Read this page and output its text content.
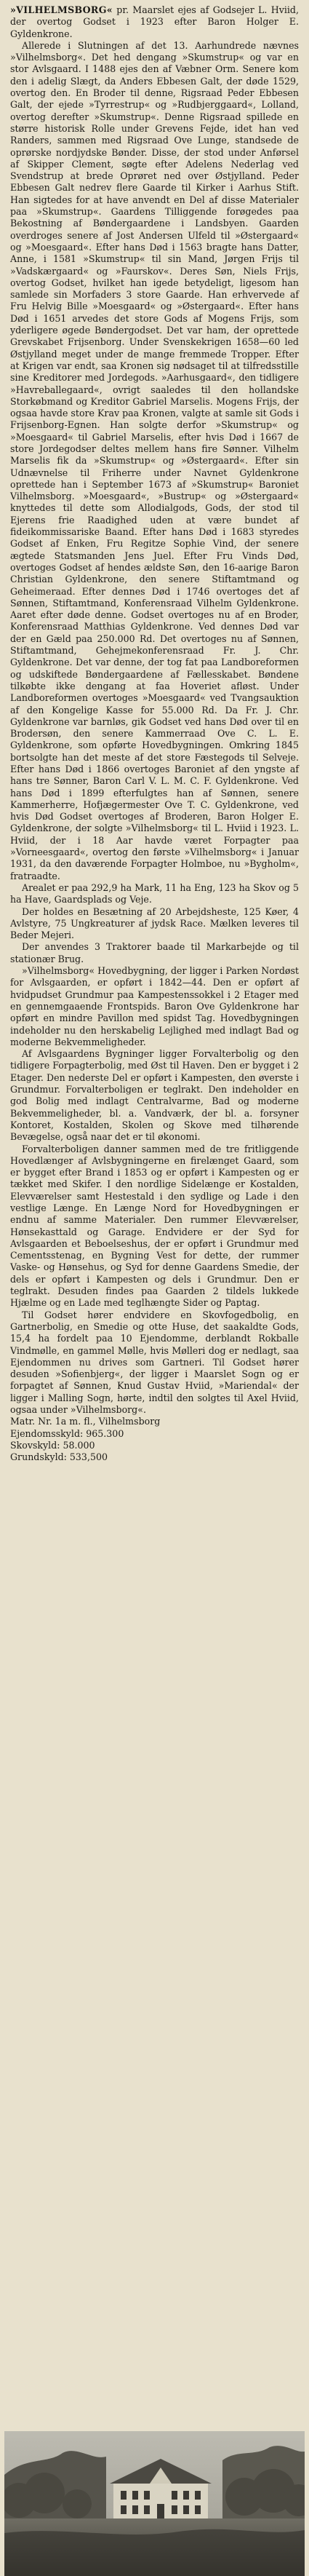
»VILHELMSBORG« pr. Maarslet ejes af Godsejer L. Hviid, der overtog Godset i 1923 efter Baron Holger E. Gyldenkrone.

Allerede i Slutningen af det 13. Aarhundrede nævnes »Vilhelmsborg«. Det hed dengang »Skumstrup« og var en stor Avlsgaard. I 1488 ejes den af Væbner Orm. Senere kom den i adelig Slægt, da Anders Ebbesen Galt, der døde 1529, overtog den. En Broder til denne, Rigsraad Peder Ebbesen Galt, der ejede »Tyrrestrup« og »Rudbjerggaard«, Lolland, overtog derefter »Skumstrup«. Denne Rigsraad spillede en større historisk Rolle under Grevens Fejde, idet han ved Randers, sammen med Rigsraad Ove Lunge, standsede de oprørske nordjydske Bønder. Disse, der stod under Anførsel af Skipper Clement, søgte efter Adelens Nederlag ved Svendstrup at brede Oprøret ned over Østjylland. Peder Ebbesen Galt nedrev flere Gaarde til Kirker i Aarhus Stift. Han sigtedes for at have anvendt en Del af disse Materialer paa »Skumstrup«. Gaardens Tilliggende forøgedes paa Bekostning af Bøndergaardene i Landsbyen. Gaarden overdroges senere af Jost Andersen Ulfeld til »Østergaard« og »Moesgaard«. Efter hans Død i 1563 bragte hans Datter, Anne, i 1581 »Skumstrup« til sin Mand, Jørgen Frijs til »Vadskærgaard« og »Faurskov«. Deres Søn, Niels Frijs, overtog Godset, hvilket han igede betydeligt, ligesom han samlede sin Morfaders 3 store Gaarde. Han erhvervede af Fru Helvig Bille »Moesgaard« og »Østergaard«. Efter hans Død i 1651 arvedes det store Gods af Mogens Frijs, som yderligere øgede Bøndergodset. Det var ham, der oprettede Grevskabet Frijsenborg. Under Svenskekrigen 1658—60 led Østjylland meget under de mange fremmede Tropper. Efter at Krigen var endt, saa Kronen sig nødsaget til at tilfredsstille sine Kreditorer med Jordegods. »Aarhusgaard«, den tidligere »Havreballegaard«, ovrigt saaledes til den hollandske Storkøbmand og Kreditor Gabriel Marselis. Mogens Frijs, der ogsaa havde store Krav paa Kronen, valgte at samle sit Gods i Frijsenborg-Egnen. Han solgte derfor »Skumstrup« og »Moesgaard« til Gabriel Marselis, efter hvis Død i 1667 de store Jordegodser deltes mellem hans fire Sønner. Vilhelm Marselis fik da »Skumstrup« og »Østergaard«. Efter sin Udnævnelse til Friherre under Navnet Gyldenkrone oprettede han i September 1673 af »Skumstrup« Baroniet Vilhelmsborg. »Moesgaard«, »Bustrup« og »Østergaard« knyttedes til dette som Allodialgods, Gods, der stod til Ejerens frie Raadighed uden at være bundet af fideikommissariske Baand. Efter hans Død i 1683 styredes Godset af Enken, Fru Regitze Sophie Vind, der senere ægtede Statsmanden Jens Juel. Efter Fru Vinds Død, overtoges Godset af hendes ældste Søn, den 16-aarige Baron Christian Gyldenkrone, den senere Stiftamtmand og Geheimeraad. Efter dennes Død i 1746 overtoges det af Sønnen, Stiftamtmand, Konferensraad Vilhelm Gyldenkrone. Aaret efter døde denne. Godset overtoges nu af en Broder, Konferensraad Matthias Gyldenkrone. Ved dennes Død var der en Gæld paa 250.000 Rd. Det overtoges nu af Sønnen, Stiftamtmand, Gehejmekonferensraad Fr. J. Chr. Gyldenkrone. Det var denne, der tog fat paa Landboreformen og udskiftede Bøndergaardene af Fællesskabet. Bøndene tilkøbte ikke dengang at faa Hoveriet afløst. Under Landboreformen overtoges »Moesgaard« ved Tvangsauktion af den Kongelige Kasse for 55.000 Rd. Da Fr. J. Chr. Gyldenkrone var barnløs, gik Godset ved hans Død over til en Brodersøn, den senere Kammerraad Ove C. L. E. Gyldenkrone, som opførte Hovedbygningen. Omkring 1845 bortsolgte han det meste af det store Fæstegods til Selveje. Efter hans Død i 1866 overtoges Baroniet af den yngste af hans tre Sønner, Baron Carl V. L. M. C. F. Gyldenkrone. Ved hans Død i 1899 efterfulgtes han af Sønnen, senere Kammerherre, Hofjægermester Ove T. C. Gyldenkrone, ved hvis Død Godset overtoges af Broderen, Baron Holger E. Gyldenkrone, der solgte »Vilhelmsborg« til L. Hviid i 1923. L. Hviid, der i 18 Aar havde været Forpagter paa »Vorneesgaard«, overtog den første »Vilhelmsborg« i Januar 1931, da den daværende Forpagter Holmboe, nu »Bygholm«, fratraadte.

Arealet er paa 292,9 ha Mark, 11 ha Eng, 123 ha Skov og 5 ha Have, Gaardsplads og Veje.

Der holdes en Besætning af 20 Arbejdsheste, 125 Køer, 4 Avlstyre, 75 Ungkreaturer af jydsk Race. Mælken leveres til Beder Mejeri.

Der anvendes 3 Traktorer baade til Markarbejde og til stationær Brug.

»Vilhelmsborg« Hovedbygning, der ligger i Parken Nordøst for Avlsgaarden, er opført i 1842—44. Den er opført af hvidpudset Grundmur paa Kampestenssokkel i 2 Etager med en gennemgaaende Frontspids. Baron Ove Gyldenkrone har opført en mindre Pavillon med spidst Tag. Hovedbygningen indeholder nu den herskabelig Lejlighed med indlagt Bad og moderne Bekvemmeligheder.

Af Avlsgaardens Bygninger ligger Forvalterbolig og den tidligere Forpagterbolig, med Øst til Haven. Den er bygget i 2 Etager. Den nederste Del er opført i Kampesten, den øverste i Grundmur. Forvalterboligen er teglrakt. Den indeholder en god Bolig med indlagt Centralvarme, Bad og moderne Bekvemmeligheder, bl. a. Vandværk, der bl. a. forsyner Kontoret, Kostalden, Skolen og Skove med tilhørende Bevægelse, også naar det er til økonomi.

Forvalterboligen danner sammen med de tre fritliggende Hovedlænger af Avlsbygningerne en firelænget Gaard, som er bygget efter Brand i 1853 og er opført i Kampesten og er tækket med Skifer. I den nordlige Sidelænge er Kostalden, Elevværelser samt Hestestald i den sydlige og Lade i den vestlige Længe. En Længe Nord for Hovedbygningen er endnu af samme Materialer. Den rummer Elevværelser, Hønsekasttald og Garage. Endvidere er der Syd for Avlsgaarden et Beboelseshus, der er opført i Grundmur med Cementsstenag, en Bygning Vest for dette, der rummer Vaske- og Hønsehus, og Syd for denne Gaardens Smedie, der dels er opført i Kampesten og dels i Grundmur. Den er teglrakt. Desuden findes paa Gaarden 2 tildels lukkede Hjælme og en Lade med teglhængte Sider og Paptag.

Til Godset hører endvidere en Skovfogedbolig, en Gartnerbolig, en Smedie og otte Huse, det saakaldte Gods, 15,4 ha fordelt paa 10 Ejendomme, derblandt Rokballe Vindmølle, en gammel Mølle, hvis Mølleri dog er nedlagt, saa Ejendommen nu drives som Gartneri. Til Godset hører desuden »Sofienbjerg«, der ligger i Maarslet Sogn og er forpagtet af Sønnen, Knud Gustav Hviid, »Mariendal« der ligger i Malling Sogn, hørte, indtil den solgtes til Axel Hviid, ogsaa under »Vilhelmsborg«.

Matr. Nr. 1a m. fl., Vilhelmsborg
Ejendomsskyld: 965.300
Skovskyld: 58.000
Grundskyld: 533,500
